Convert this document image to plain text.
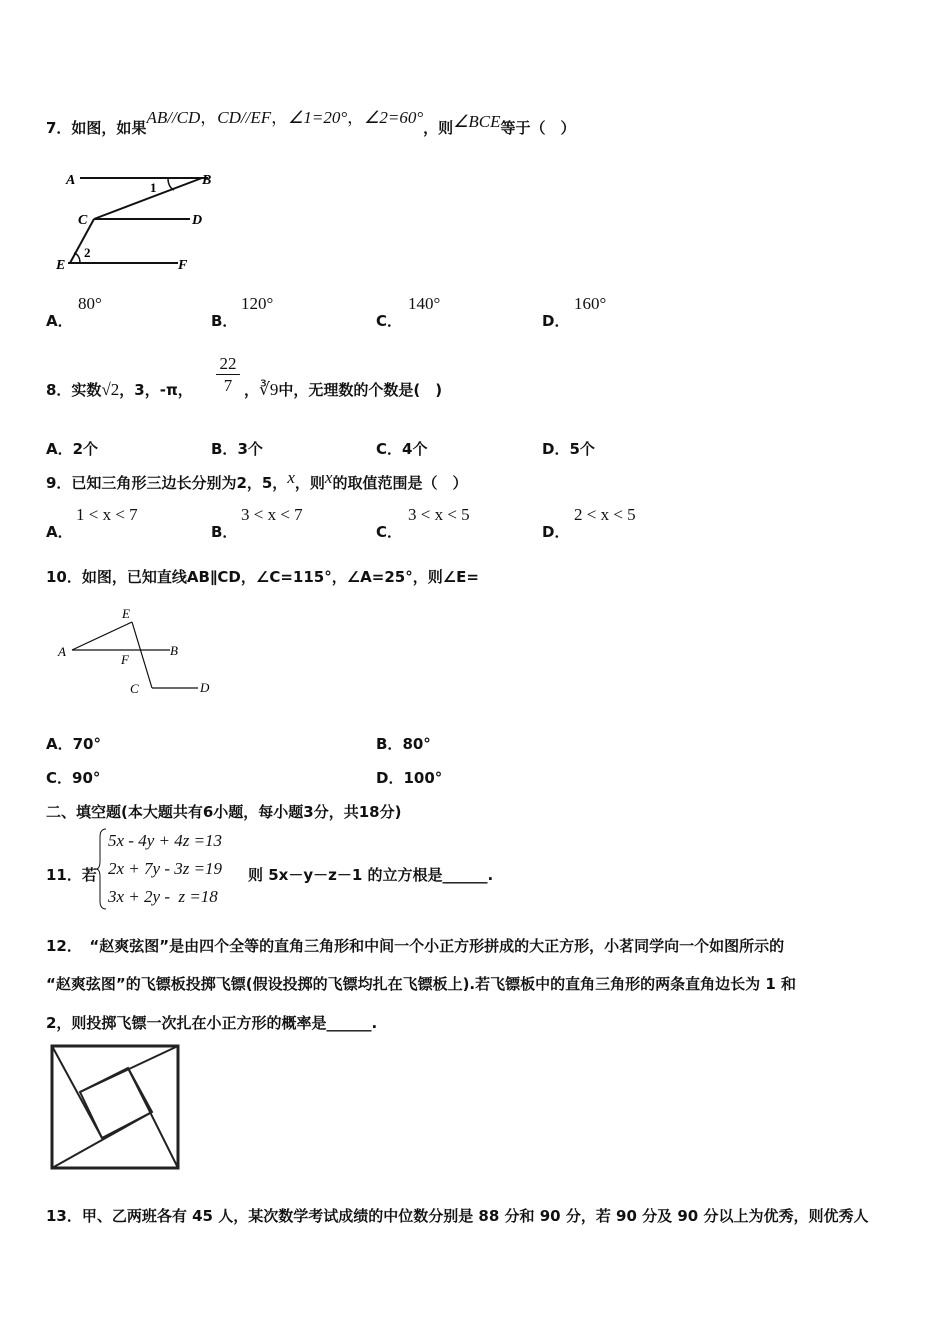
7．如图，如果AB//CD，CD//EF，∠1=20°，∠2=60°，则∠BCE等于（　）
A	B
C	D
E	F
1
2
A．
80°
B．
120°
C．
140°
D．
160°
8．实数√2，3，-π，
22
7 ，∛9中，无理数的个数是(　)
A．2个	B．3个	C．4个	D．5个
9．已知三角形三边长分别为2，5，x，则x的取值范围是（　）
A．
1 < x < 7
B．
3 < x < 7
C．
3 < x < 5
D．
2 < x < 5
10．如图，已知直线AB∥CD，∠C=115°，∠A=25°，则∠E=
A	B
C	D
E
F
A．70°	B．80°
C．90°	D．100°
二、填空题(本大题共有6小题，每小题3分，共18分)
11．若
5x - 4y + 4z =13
2x + 7y - 3z =19
3x + 2y -  z =18
则 5x－y－z－1 的立方根是______.
12．　“赵爽弦图”是由四个全等的直角三角形和中间一个小正方形拼成的大正方形，小茗同学向一个如图所示的
“赵爽弦图”的飞镖板投掷飞镖(假设投掷的飞镖均扎在飞镖板上).若飞镖板中的直角三角形的两条直角边长为 1 和
2，则投掷飞镖一次扎在小正方形的概率是______.
13．甲、乙两班各有 45 人，某次数学考试成绩的中位数分别是 88 分和 90 分，若 90 分及 90 分以上为优秀，则优秀人
